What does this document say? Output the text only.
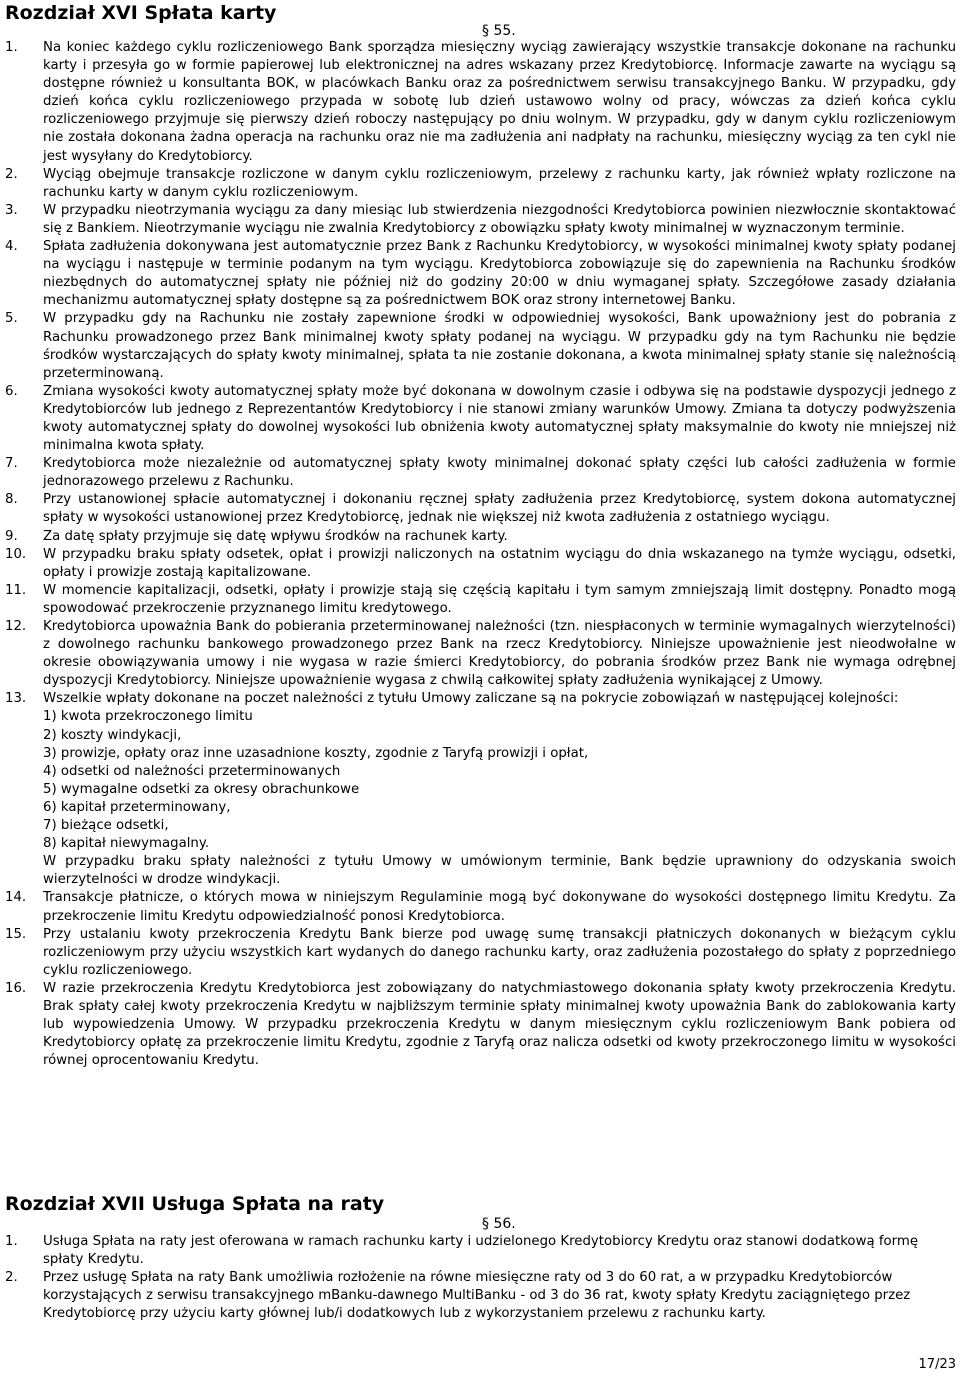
Rozdział XVI Spłata karty
§ 55.
1.	Na koniec każdego cyklu rozliczeniowego Bank sporządza miesięczny wyciąg zawierający wszystkie transakcje dokonane na rachunku karty i przesyła go w formie papierowej lub elektronicznej na adres wskazany przez Kredytobiorcę. Informacje zawarte na wyciągu są dostępne również u konsultanta BOK, w placówkach Banku oraz za pośrednictwem serwisu transakcyjnego Banku. W przypadku, gdy dzień końca cyklu rozliczeniowego przypada w sobotę lub dzień ustawowo wolny od pracy, wówczas za dzień końca cyklu rozliczeniowego przyjmuje się pierwszy dzień roboczy następujący po dniu wolnym. W przypadku, gdy w danym cyklu rozliczeniowym nie została dokonana żadna operacja na rachunku oraz nie ma zadłużenia ani nadpłaty na rachunku, miesięczny wyciąg za ten cykl nie jest wysyłany do Kredytobiorcy.
2.	Wyciąg obejmuje transakcje rozliczone w danym cyklu rozliczeniowym, przelewy z rachunku karty, jak również wpłaty rozliczone na rachunku karty w danym cyklu rozliczeniowym.
3.	W przypadku nieotrzymania wyciągu za dany miesiąc lub stwierdzenia niezgodności Kredytobiorca powinien niezwłocznie skontaktować się z Bankiem. Nieotrzymanie wyciągu nie zwalnia Kredytobiorcy z obowiązku spłaty kwoty minimalnej w wyznaczonym terminie.
4.	Spłata zadłużenia dokonywana jest automatycznie przez Bank z Rachunku Kredytobiorcy, w wysokości minimalnej kwoty spłaty podanej na wyciągu i następuje w terminie podanym na tym wyciągu. Kredytobiorca zobowiązuje się do zapewnienia na Rachunku środków niezbędnych do automatycznej spłaty nie później niż do godziny 20:00 w dniu wymaganej spłaty. Szczegółowe zasady działania mechanizmu automatycznej spłaty dostępne są za pośrednictwem BOK oraz strony internetowej Banku.
5.	W przypadku gdy na Rachunku nie zostały zapewnione środki w odpowiedniej wysokości, Bank upoważniony jest do pobrania z Rachunku prowadzonego przez Bank minimalnej kwoty spłaty podanej na wyciągu. W przypadku gdy na tym Rachunku nie będzie środków wystarczających do spłaty kwoty minimalnej, spłata ta nie zostanie dokonana, a kwota minimalnej spłaty stanie się należnością przeterminowaną.
6.	Zmiana wysokości kwoty automatycznej spłaty może być dokonana w dowolnym czasie i odbywa się na podstawie dyspozycji jednego z Kredytobiorców lub jednego z Reprezentantów Kredytobiorcy i nie stanowi zmiany warunków Umowy. Zmiana ta dotyczy podwyższenia kwoty automatycznej spłaty do dowolnej wysokości lub obniżenia kwoty automatycznej spłaty maksymalnie do kwoty nie mniejszej niż minimalna kwota spłaty.
7.	Kredytobiorca może niezależnie od automatycznej spłaty kwoty minimalnej dokonać spłaty części lub całości zadłużenia w formie jednorazowego przelewu z Rachunku.
8.	Przy ustanowionej spłacie automatycznej i dokonaniu ręcznej spłaty zadłużenia przez Kredytobiorcę, system dokona automatycznej spłaty w wysokości ustanowionej przez Kredytobiorcę, jednak nie większej niż kwota zadłużenia z ostatniego wyciągu.
9.	Za datę spłaty przyjmuje się datę wpływu środków na rachunek karty.
10.	W przypadku braku spłaty odsetek, opłat i prowizji naliczonych na ostatnim wyciągu do dnia wskazanego na tymże wyciągu, odsetki, opłaty i prowizje zostają kapitalizowane.
11.	W momencie kapitalizacji, odsetki, opłaty i prowizje stają się częścią kapitału i tym samym zmniejszają limit dostępny. Ponadto mogą spowodować przekroczenie przyznanego limitu kredytowego.
12.	Kredytobiorca upoważnia Bank do pobierania przeterminowanej należności (tzn. niespłaconych w terminie wymagalnych wierzytelności) z dowolnego rachunku bankowego prowadzonego przez Bank na rzecz Kredytobiorcy. Niniejsze upoważnienie jest nieodwołalne w okresie obowiązywania umowy i nie wygasa w razie śmierci Kredytobiorcy, do pobrania środków przez Bank nie wymaga odrębnej dyspozycji Kredytobiorcy. Niniejsze upoważnienie wygasa z chwilą całkowitej spłaty zadłużenia wynikającej z Umowy.
13.	Wszelkie wpłaty dokonane na poczet należności z tytułu Umowy zaliczane są na pokrycie zobowiązań w następującej kolejności:
1) kwota przekroczonego limitu
2) koszty windykacji,
3) prowizje, opłaty oraz inne uzasadnione koszty, zgodnie z Taryfą prowizji i opłat,
4) odsetki od należności przeterminowanych
5) wymagalne odsetki za okresy obrachunkowe
6) kapitał przeterminowany,
7) bieżące odsetki,
8) kapitał niewymagalny.
W przypadku braku spłaty należności z tytułu Umowy w umówionym terminie, Bank będzie uprawniony do odzyskania swoich wierzytelności w drodze windykacji.
14.	Transakcje płatnicze, o których mowa w niniejszym Regulaminie mogą być dokonywane do wysokości dostępnego limitu Kredytu. Za przekroczenie limitu Kredytu odpowiedzialność ponosi Kredytobiorca.
15.	Przy ustalaniu kwoty przekroczenia Kredytu Bank bierze pod uwagę sumę transakcji płatniczych dokonanych w bieżącym cyklu rozliczeniowym przy użyciu wszystkich kart wydanych do danego rachunku karty, oraz zadłużenia pozostałego do spłaty z poprzedniego cyklu rozliczeniowego.
16.	W razie przekroczenia Kredytu Kredytobiorca jest zobowiązany do natychmiastowego dokonania spłaty kwoty przekroczenia Kredytu. Brak spłaty całej kwoty przekroczenia Kredytu w najbliższym terminie spłaty minimalnej kwoty upoważnia Bank do zablokowania karty lub wypowiedzenia Umowy. W przypadku przekroczenia Kredytu w danym miesięcznym cyklu rozliczeniowym Bank pobiera od Kredytobiorcy opłatę za przekroczenie limitu Kredytu, zgodnie z Taryfą oraz nalicza odsetki od kwoty przekroczonego limitu w wysokości równej oprocentowaniu Kredytu.
Rozdział XVII Usługa Spłata na raty
§ 56.
1.	Usługa Spłata na raty jest oferowana w ramach rachunku karty i udzielonego Kredytobiorcy Kredytu oraz stanowi dodatkową formę spłaty Kredytu.
2.	Przez usługę Spłata na raty Bank umożliwia rozłożenie na równe miesięczne raty od 3 do 60 rat, a w przypadku Kredytobiorców korzystających z serwisu transakcyjnego mBanku-dawnego MultiBanku - od 3 do 36 rat, kwoty spłaty Kredytu zaciągniętego przez Kredytobiorcę przy użyciu karty głównej lub/i dodatkowych lub z wykorzystaniem przelewu z rachunku karty.
17/23
